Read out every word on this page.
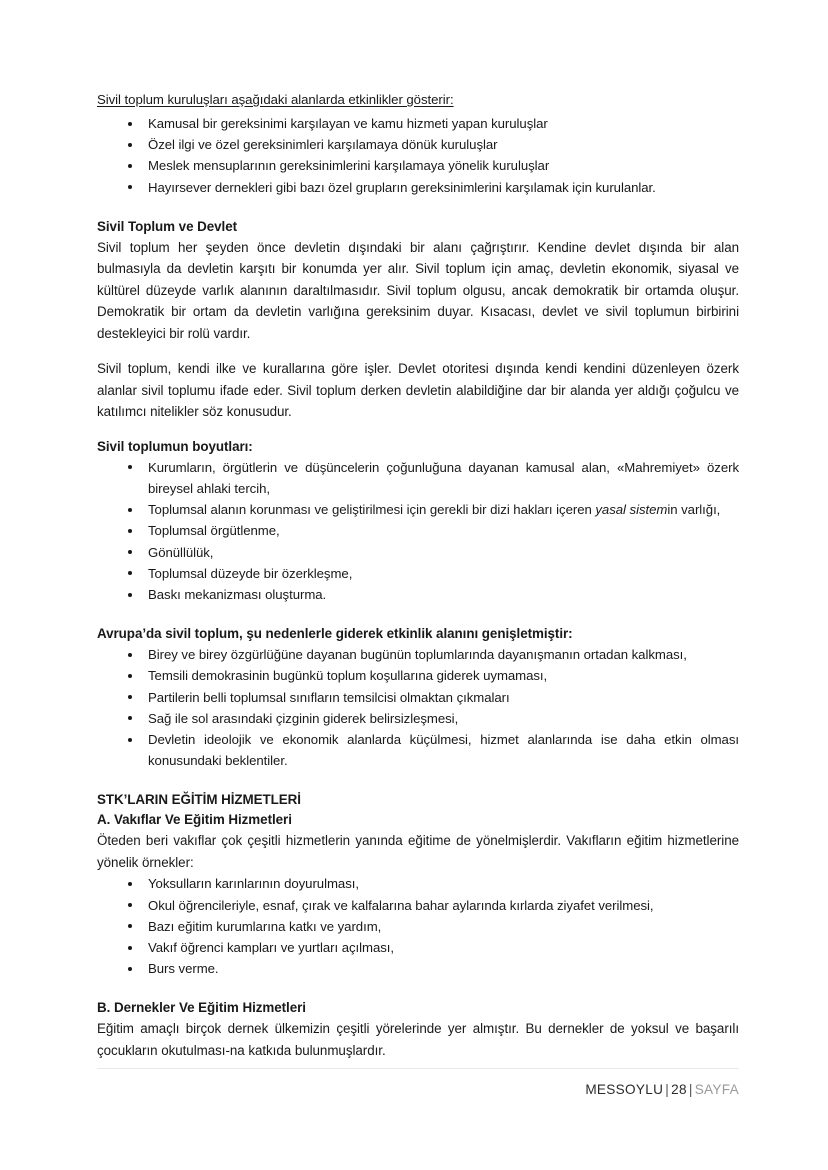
Sivil toplum kuruluşları aşağıdaki alanlarda etkinlikler gösterir:

Kamusal bir gereksinimi karşılayan ve kamu hizmeti yapan kuruluşlar
Özel ilgi ve özel gereksinimleri karşılamaya dönük kuruluşlar
Meslek mensuplarının gereksinimlerini karşılamaya yönelik kuruluşlar
Hayırsever dernekleri gibi bazı özel grupların gereksinimlerini karşılamak için kurulanlar.

Sivil Toplum ve Devlet

Sivil toplum her şeyden önce devletin dışındaki bir alanı çağrıştırır. Kendine devlet dışında bir alan bulmasıyla da devletin karşıtı bir konumda yer alır. Sivil toplum için amaç, devletin ekonomik, siyasal ve kültürel düzeyde varlık alanının daraltılmasıdır. Sivil toplum olgusu, ancak demokratik bir ortamda oluşur. Demokratik bir ortam da devletin varlığına gereksinim duyar. Kısacası, devlet ve sivil toplumun birbirini destekleyici bir rolü vardır.

Sivil toplum, kendi ilke ve kurallarına göre işler. Devlet otoritesi dışında kendi kendini düzenleyen özerk alanlar sivil toplumu ifade eder. Sivil toplum derken devletin alabildiğine dar bir alanda yer aldığı çoğulcu ve katılımcı nitelikler söz konusudur.

Sivil toplumun boyutları:

Kurumların, örgütlerin ve düşüncelerin çoğunluğuna dayanan kamusal alan, «Mahremiyet» özerk bireysel ahlaki tercih,
Toplumsal alanın korunması ve geliştirilmesi için gerekli bir dizi hakları içeren yasal sistemin varlığı,
Toplumsal örgütlenme,
Gönüllülük,
Toplumsal düzeyde bir özerkleşme,
Baskı mekanizması oluşturma.

Avrupa’da sivil toplum, şu nedenlerle giderek etkinlik alanını genişletmiştir:

Birey ve birey özgürlüğüne dayanan bugünün toplumlarında dayanışmanın ortadan kalkması,
Temsili demokrasinin bugünkü toplum koşullarına giderek uymaması,
Partilerin belli toplumsal sınıfların temsilcisi olmaktan çıkmaları
Sağ ile sol arasındaki çizginin giderek belirsizleşmesi,
Devletin ideolojik ve ekonomik alanlarda küçülmesi, hizmet alanlarında ise daha etkin olması konusundaki beklentiler.

STK’LARIN EĞİTİM HİZMETLERİ

A. Vakıflar Ve Eğitim Hizmetleri

Öteden beri vakıflar çok çeşitli hizmetlerin yanında eğitime de yönelmişlerdir. Vakıfların eğitim hizmetlerine yönelik örnekler:

Yoksulların karınlarının doyurulması,
Okul öğrencileriyle, esnaf, çırak ve kalfalarına bahar aylarında kırlarda ziyafet verilmesi,
Bazı eğitim kurumlarına katkı ve yardım,
Vakıf öğrenci kampları ve yurtları açılması,
Burs verme.

B. Dernekler Ve Eğitim Hizmetleri

Eğitim amaçlı birçok dernek ülkemizin çeşitli yörelerinde yer almıştır. Bu dernekler de yoksul ve başarılı çocukların okutulması-na katkıda bulunmuşlardır.

MESSOYLU | 28 | SAYFA
